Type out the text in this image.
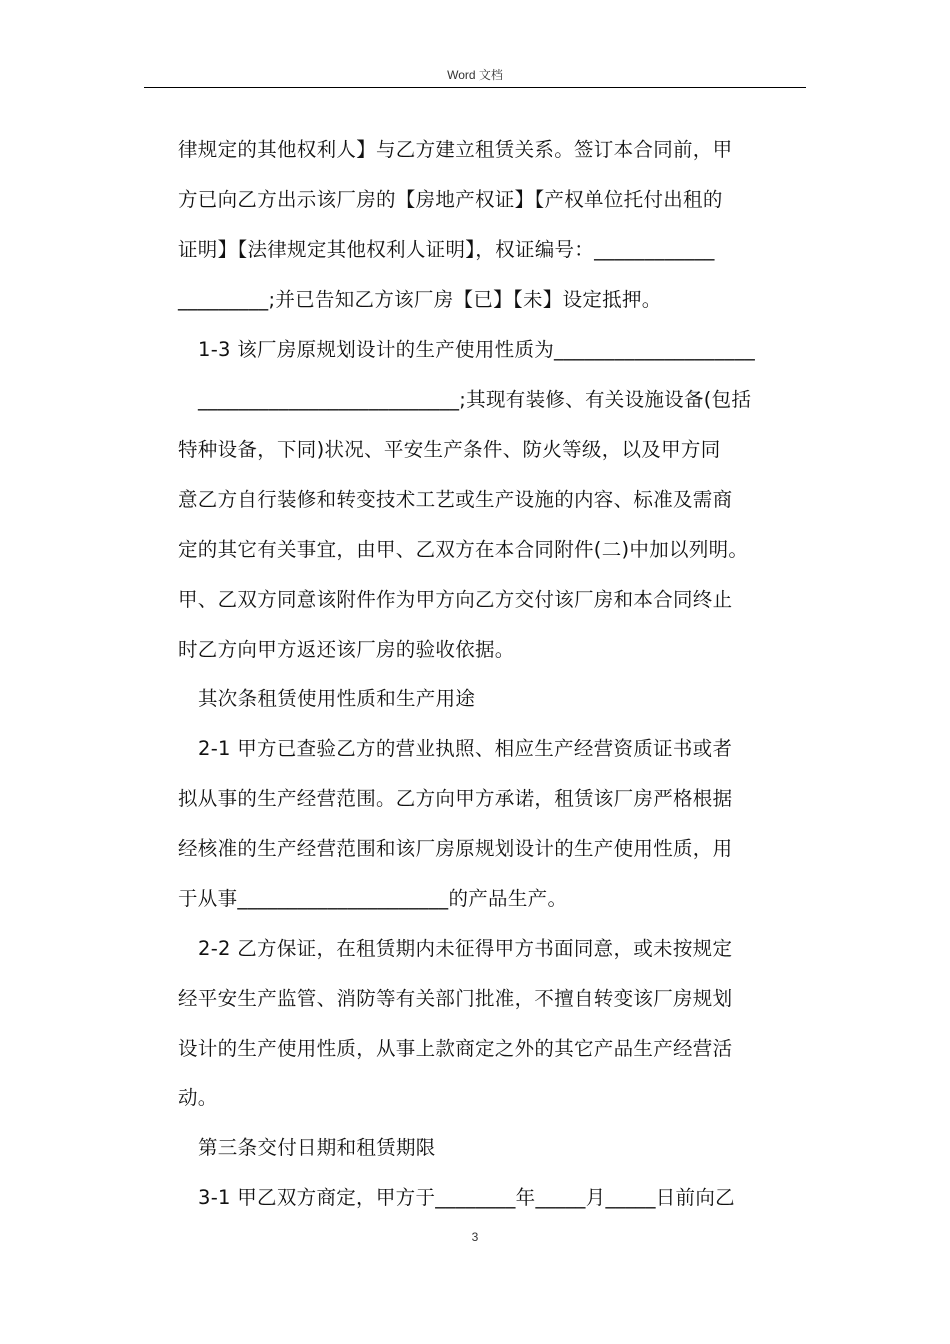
Word 文档
律规定的其他权利人】与乙方建立租赁关系。签订本合同前，甲
方已向乙方出示该厂房的【房地产权证】【产权单位托付出租的
证明】【法律规定其他权利人证明】，权证编号：____________
_________;并已告知乙方该厂房【已】【未】设定抵押。
1-3 该厂房原规划设计的生产使用性质为____________________
__________________________;其现有装修、有关设施设备(包括
特种设备，下同)状况、平安生产条件、防火等级，以及甲方同
意乙方自行装修和转变技术工艺或生产设施的内容、标准及需商
定的其它有关事宜，由甲、乙双方在本合同附件(二)中加以列明。
甲、乙双方同意该附件作为甲方向乙方交付该厂房和本合同终止
时乙方向甲方返还该厂房的验收依据。
其次条租赁使用性质和生产用途
2-1 甲方已查验乙方的营业执照、相应生产经营资质证书或者
拟从事的生产经营范围。乙方向甲方承诺，租赁该厂房严格根据
经核准的生产经营范围和该厂房原规划设计的生产使用性质，用
于从事_____________________的产品生产。
2-2 乙方保证，在租赁期内未征得甲方书面同意，或未按规定
经平安生产监管、消防等有关部门批准，不擅自转变该厂房规划
设计的生产使用性质，从事上款商定之外的其它产品生产经营活
动。
第三条交付日期和租赁期限
3-1 甲乙双方商定，甲方于________年_____月_____日前向乙
3
